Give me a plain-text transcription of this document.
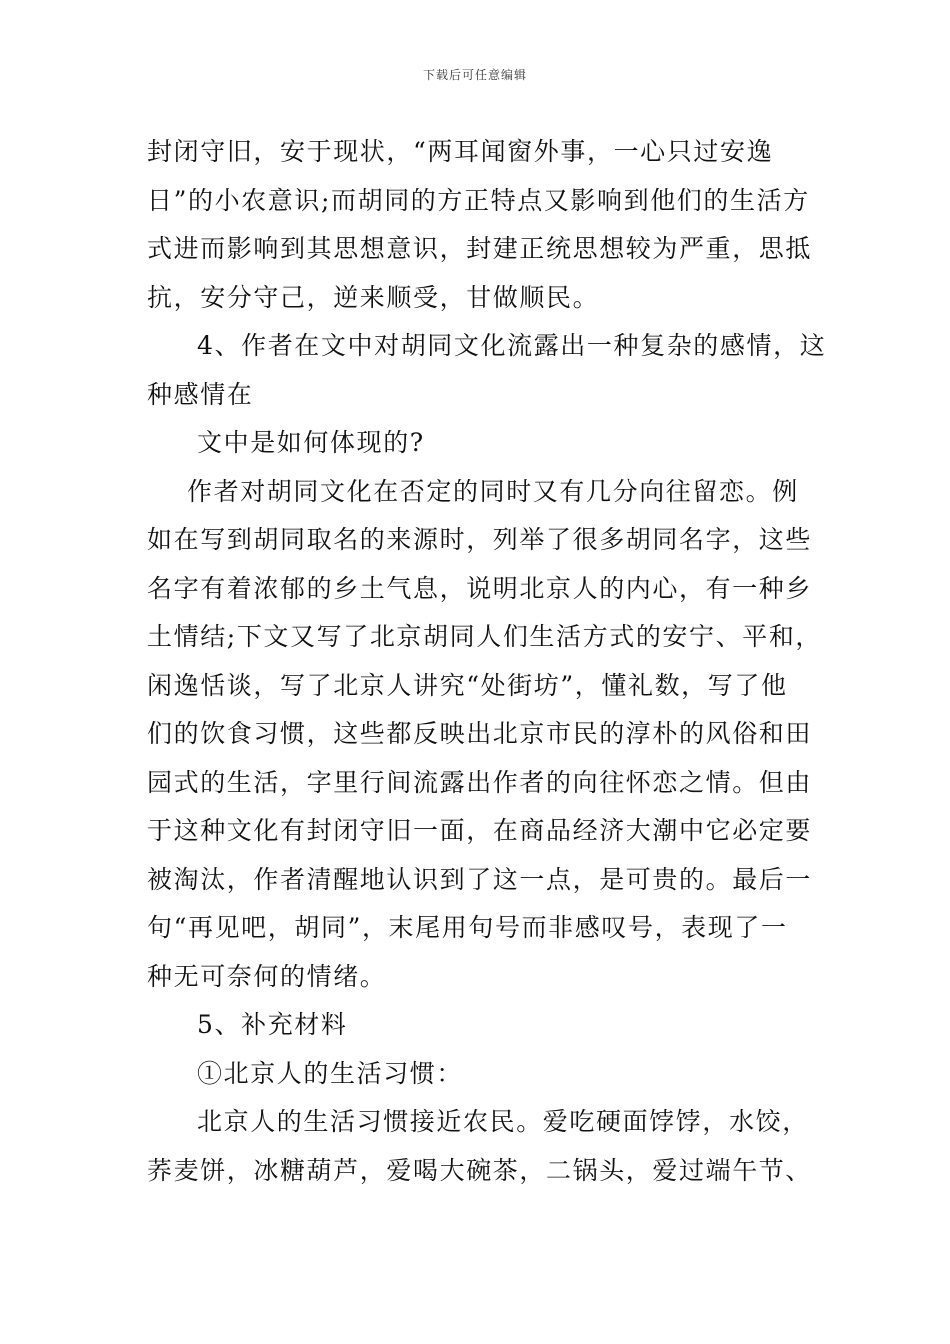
下载后可任意编辑
封闭守旧，安于现状，“两耳闻窗外事，一心只过安逸
日”的小农意识;而胡同的方正特点又影响到他们的生活方
式进而影响到其思想意识，封建正统思想较为严重，思抵
抗，安分守己，逆来顺受，甘做顺民。
4、作者在文中对胡同文化流露出一种复杂的感情，这
种感情在
文中是如何体现的?
作者对胡同文化在否定的同时又有几分向往留恋。例
如在写到胡同取名的来源时，列举了很多胡同名字，这些
名字有着浓郁的乡土气息，说明北京人的内心，有一种乡
土情结;下文又写了北京胡同人们生活方式的安宁、平和，
闲逸恬谈，写了北京人讲究“处街坊”，懂礼数，写了他
们的饮食习惯，这些都反映出北京市民的淳朴的风俗和田
园式的生活，字里行间流露出作者的向往怀恋之情。但由
于这种文化有封闭守旧一面，在商品经济大潮中它必定要
被淘汰，作者清醒地认识到了这一点，是可贵的。最后一
句“再见吧，胡同”，末尾用句号而非感叹号，表现了一
种无可奈何的情绪。
5、补充材料
①北京人的生活习惯：
北京人的生活习惯接近农民。爱吃硬面饽饽，水饺，
荞麦饼，冰糖葫芦，爱喝大碗茶，二锅头，爱过端午节、
